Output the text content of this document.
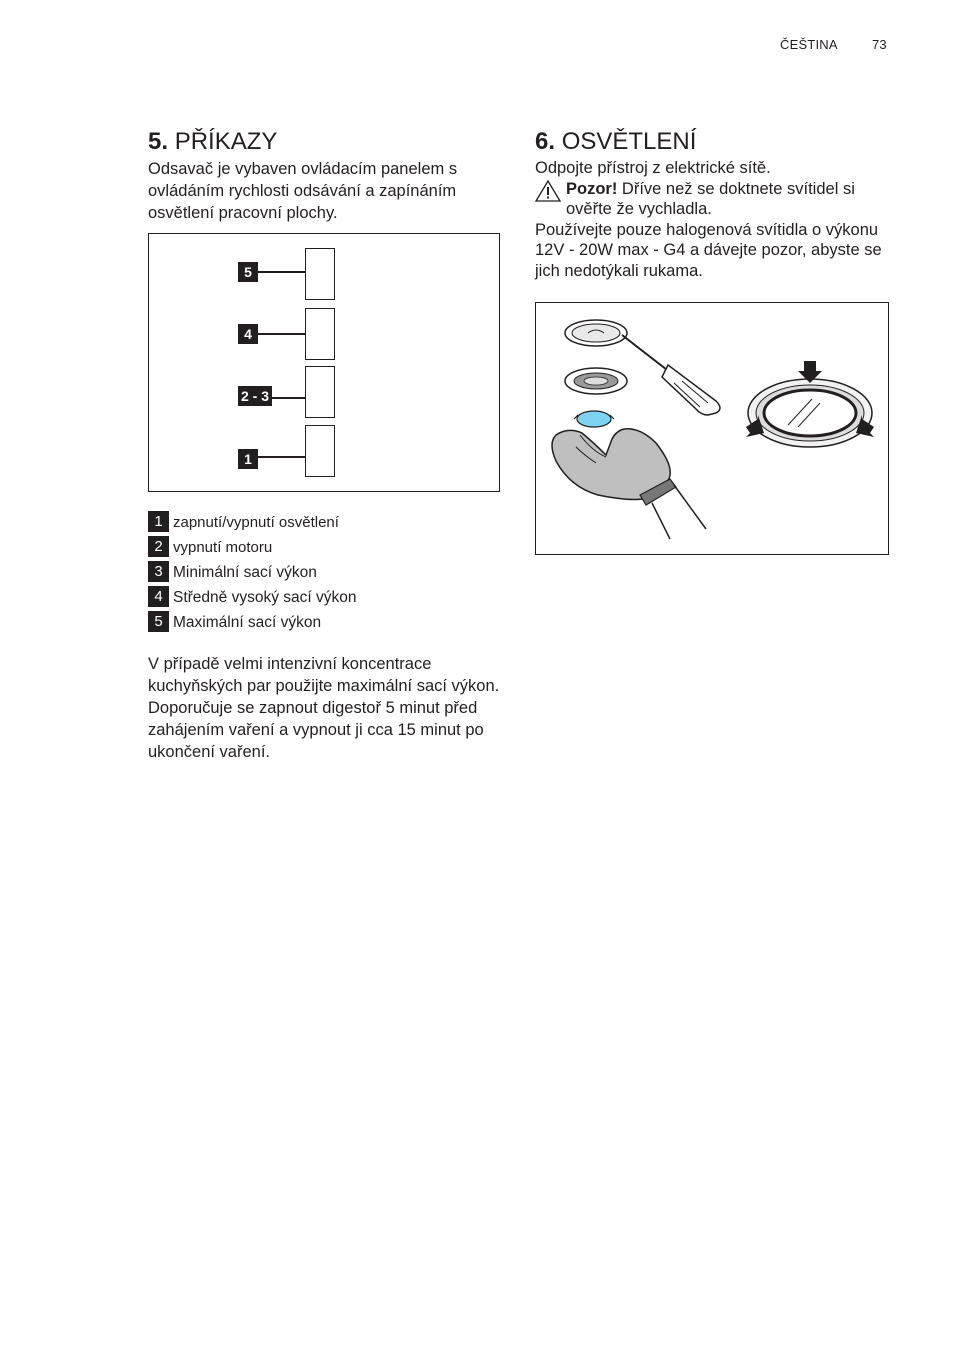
ČEŠTINA	73
5. PŘÍKAZY

Odsavač je vybaven ovládacím panelem s ovládáním rychlosti odsávání a zapínáním osvětlení pracovní plochy.

5
4
2 - 3
1
1 zapnutí/vypnutí osvětlení
2 vypnutí motoru
3 Minimální sací výkon
4 Středně vysoký sací výkon
5 Maximální sací výkon

V případě velmi intenzivní koncentrace kuchyňských par použijte maximální sací výkon. Doporučuje se zapnout digestoř 5 minut před zahájením vaření a vypnout ji cca 15 minut po ukončení vaření.

6. OSVĚTLENÍ

Odpojte přístroj z elektrické sítě.

Pozor! Dříve než se doktnete svítidel si ověřte že vychladla.

Používejte pouze halogenová svítidla o výkonu 12V - 20W max - G4 a dávejte pozor, abyste se jich nedotýkali rukama.
